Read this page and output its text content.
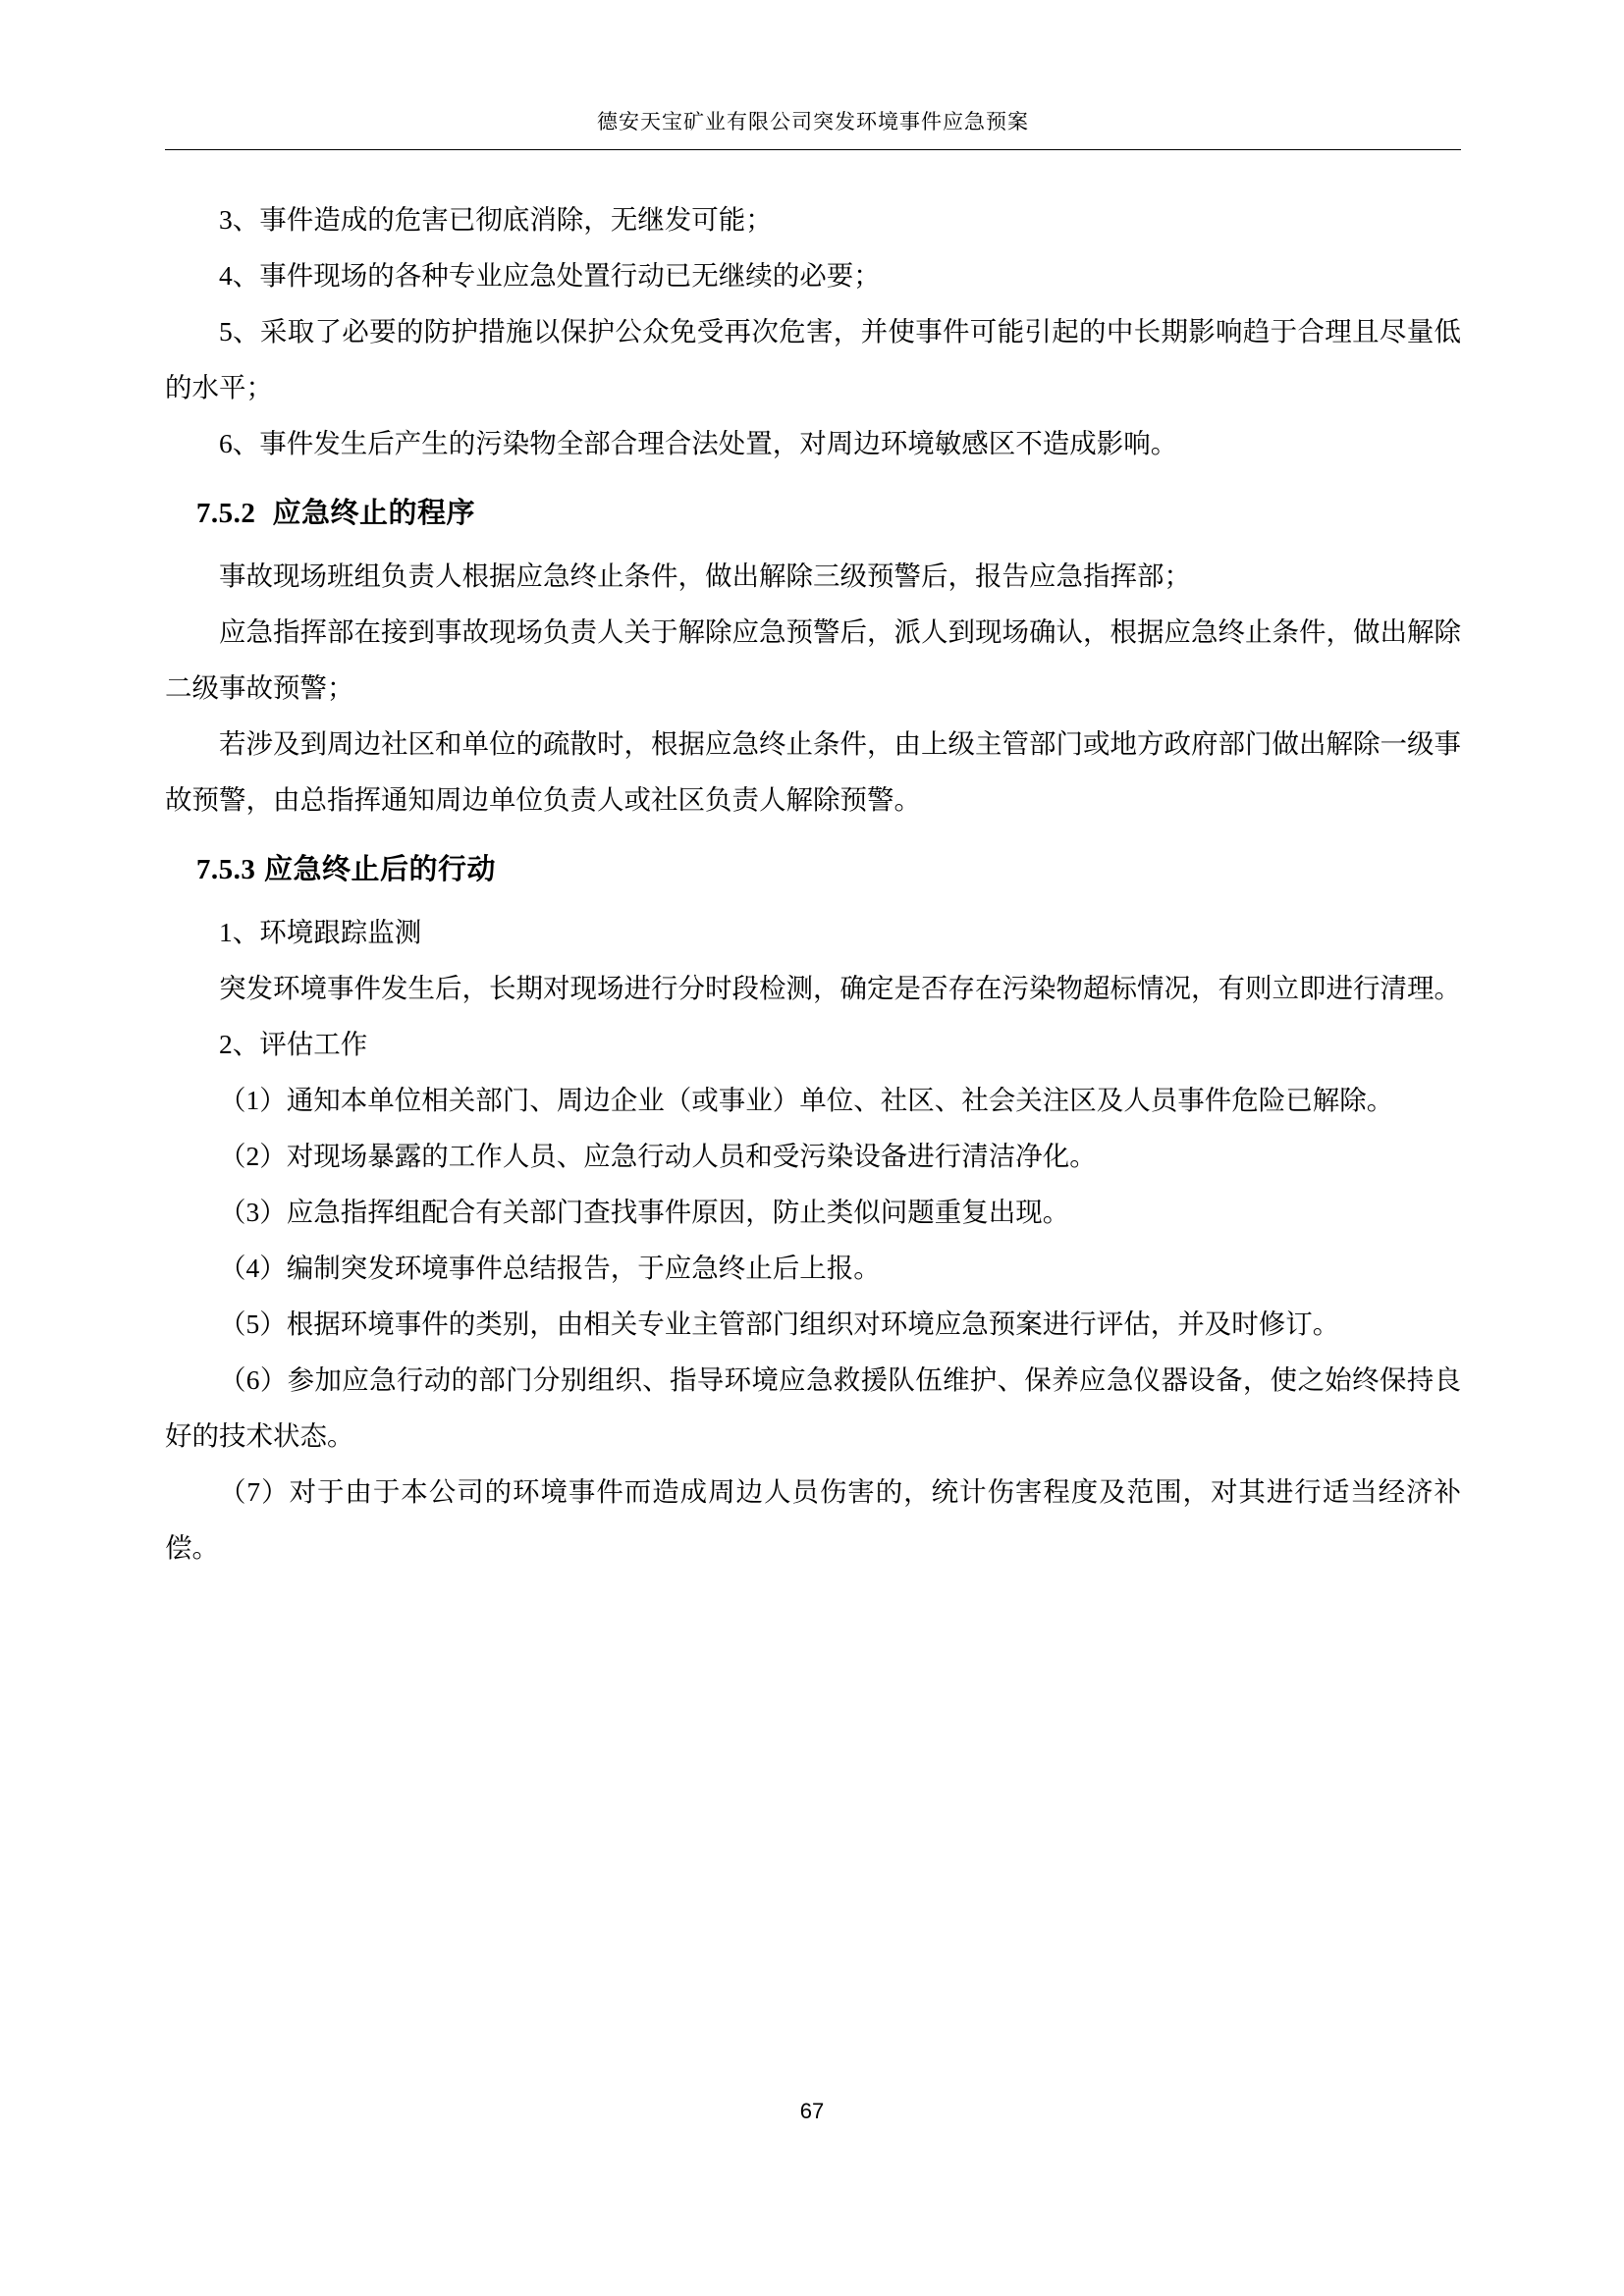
德安天宝矿业有限公司突发环境事件应急预案

3、事件造成的危害已彻底消除，无继发可能；

4、事件现场的各种专业应急处置行动已无继续的必要；

5、采取了必要的防护措施以保护公众免受再次危害，并使事件可能引起的中长期影响趋于合理且尽量低的水平；

6、事件发生后产生的污染物全部合理合法处置，对周边环境敏感区不造成影响。

7.5.2 应急终止的程序

事故现场班组负责人根据应急终止条件，做出解除三级预警后，报告应急指挥部；

应急指挥部在接到事故现场负责人关于解除应急预警后，派人到现场确认，根据应急终止条件，做出解除二级事故预警；

若涉及到周边社区和单位的疏散时，根据应急终止条件，由上级主管部门或地方政府部门做出解除一级事故预警，由总指挥通知周边单位负责人或社区负责人解除预警。

7.5.3 应急终止后的行动

1、环境跟踪监测

突发环境事件发生后，长期对现场进行分时段检测，确定是否存在污染物超标情况，有则立即进行清理。

2、评估工作

（1）通知本单位相关部门、周边企业（或事业）单位、社区、社会关注区及人员事件危险已解除。

（2）对现场暴露的工作人员、应急行动人员和受污染设备进行清洁净化。

（3）应急指挥组配合有关部门查找事件原因，防止类似问题重复出现。

（4）编制突发环境事件总结报告，于应急终止后上报。

（5）根据环境事件的类别，由相关专业主管部门组织对环境应急预案进行评估，并及时修订。

（6）参加应急行动的部门分别组织、指导环境应急救援队伍维护、保养应急仪器设备，使之始终保持良好的技术状态。

（7）对于由于本公司的环境事件而造成周边人员伤害的，统计伤害程度及范围，对其进行适当经济补偿。

67
